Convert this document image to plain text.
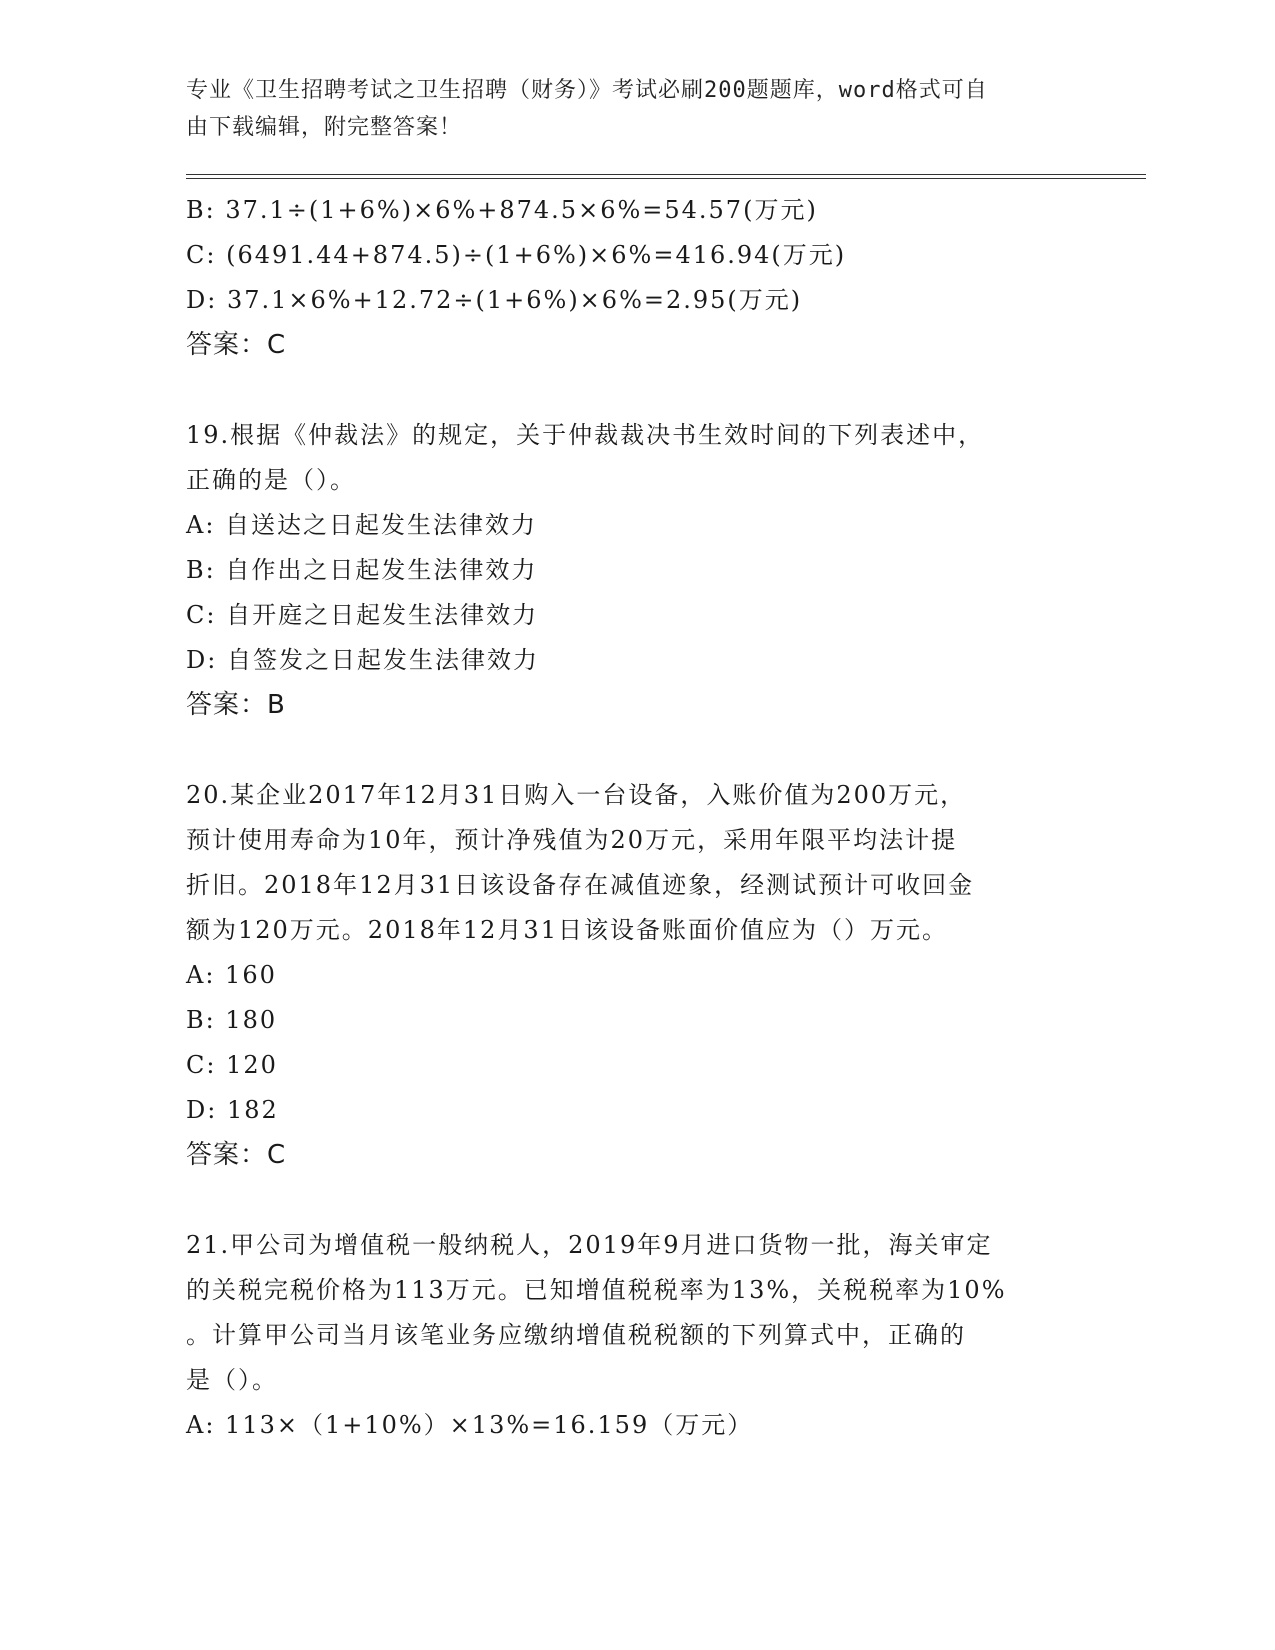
专业《卫生招聘考试之卫生招聘（财务）》考试必刷200题题库，word格式可自
由下载编辑，附完整答案！
B: 37.1÷(1+6%)×6%+874.5×6%=54.57(万元)
C: (6491.44+874.5)÷(1+6%)×6%=416.94(万元)
D: 37.1×6%+12.72÷(1+6%)×6%=2.95(万元)
答案：C
19.根据《仲裁法》的规定，关于仲裁裁决书生效时间的下列表述中，
正确的是（）。
A: 自送达之日起发生法律效力
B: 自作出之日起发生法律效力
C: 自开庭之日起发生法律效力
D: 自签发之日起发生法律效力
答案：B
20.某企业2017年12月31日购入一台设备，入账价值为200万元，
预计使用寿命为10年，预计净残值为20万元，采用年限平均法计提
折旧。2018年12月31日该设备存在减值迹象，经测试预计可收回金
额为120万元。2018年12月31日该设备账面价值应为（）万元。
A: 160
B: 180
C: 120
D: 182
答案：C
21.甲公司为增值税一般纳税人，2019年9月进口货物一批，海关审定
的关税完税价格为113万元。已知增值税税率为13%，关税税率为10%
。计算甲公司当月该笔业务应缴纳增值税税额的下列算式中，正确的
是（）。
A: 113×（1+10%）×13%=16.159（万元）
